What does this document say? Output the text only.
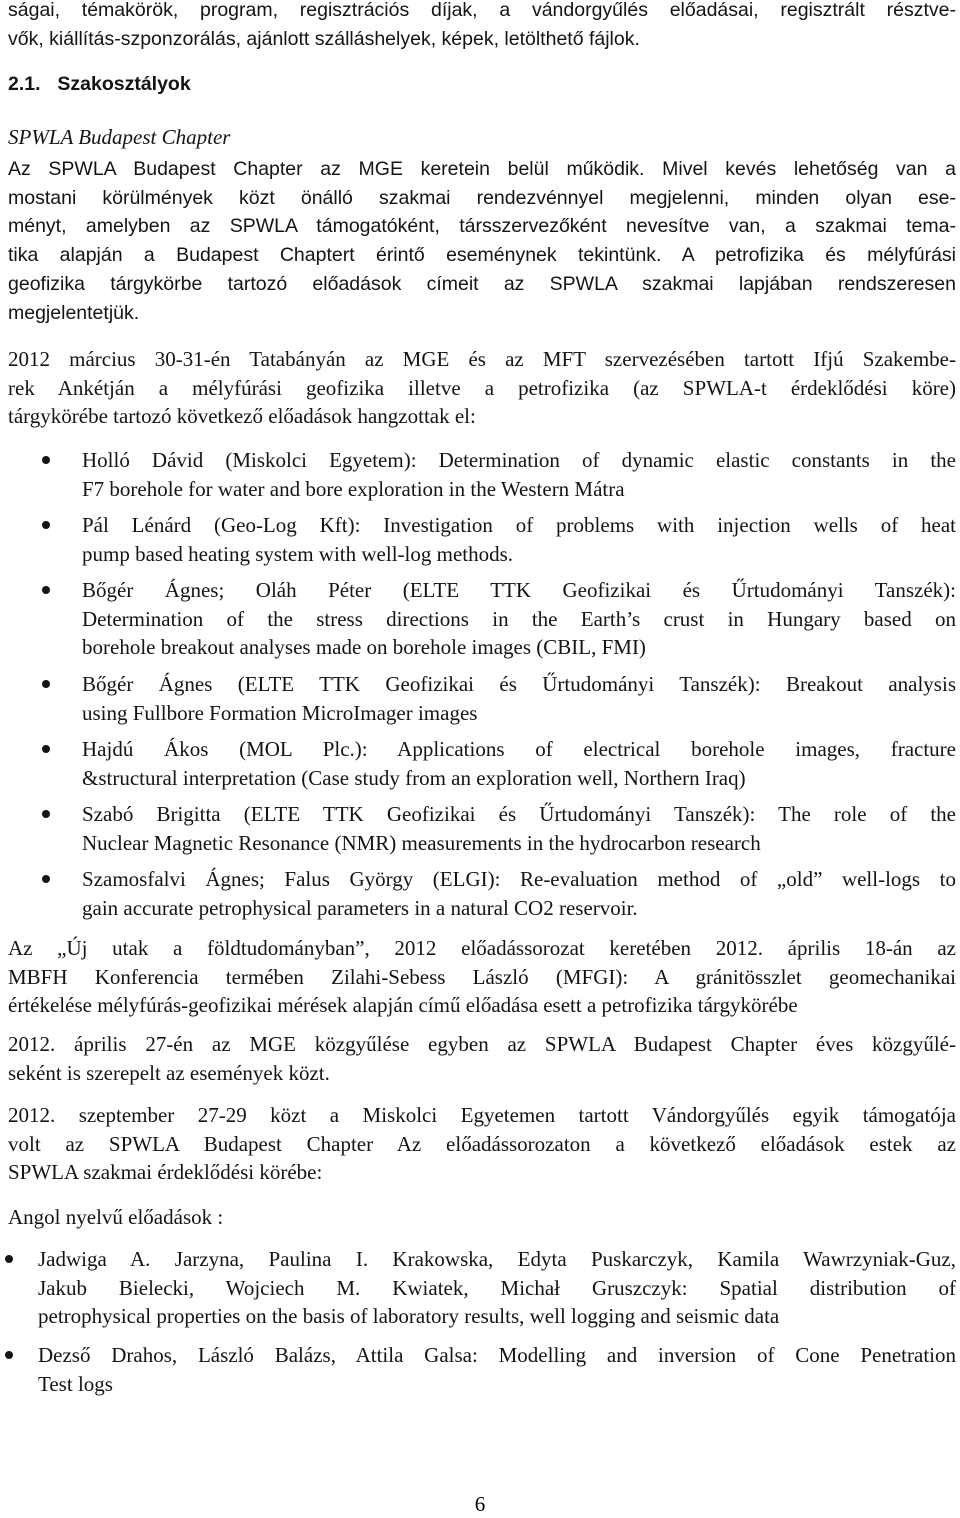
ságai, témakörök, program, regisztrációs díjak, a vándorgyűlés előadásai, regisztrált résztve-
vők, kiállítás-szponzorálás, ajánlott szálláshelyek, képek, letölthető fájlok.
2.1. Szakosztályok
SPWLA Budapest Chapter
Az SPWLA Budapest Chapter az MGE keretein belül működik. Mivel kevés lehetőség van a
mostani körülmények közt önálló szakmai rendezvénnyel megjelenni, minden olyan ese-
ményt, amelyben az SPWLA támogatóként, társszervezőként nevesítve van, a szakmai tema-
tika alapján a Budapest Chaptert érintő eseménynek tekintünk. A petrofizika és mélyfúrási
geofizika tárgykörbe tartozó előadások címeit az SPWLA szakmai lapjában rendszeresen
megjelentetjük.
2012 március 30-31-én Tatabányán az MGE és az MFT szervezésében tartott Ifjú Szakembe-
rek Ankétján a mélyfúrási geofizika illetve a petrofizika (az SPWLA-t érdeklődési köre)
tárgykörébe tartozó következő előadások hangzottak el:
Holló Dávid (Miskolci Egyetem): Determination of dynamic elastic constants in the
F7 borehole for water and bore exploration in the Western Mátra
Pál Lénárd (Geo-Log Kft): Investigation of problems with injection wells of heat
pump based heating system with well-log methods.
Bőgér Ágnes; Oláh Péter (ELTE TTK Geofizikai és Űrtudományi Tanszék):
Determination of the stress directions in the Earth’s crust in Hungary based on
borehole breakout analyses made on borehole images (CBIL, FMI)
Bőgér Ágnes (ELTE TTK Geofizikai és Űrtudományi Tanszék): Breakout analysis
using Fullbore Formation MicroImager images
Hajdú Ákos (MOL Plc.): Applications of electrical borehole images, fracture
&structural interpretation (Case study from an exploration well, Northern Iraq)
Szabó Brigitta (ELTE TTK Geofizikai és Űrtudományi Tanszék): The role of the
Nuclear Magnetic Resonance (NMR) measurements in the hydrocarbon research
Szamosfalvi Ágnes; Falus György (ELGI): Re-evaluation method of „old” well-logs to
gain accurate petrophysical parameters in a natural CO2 reservoir.
Az „Új utak a földtudományban”, 2012 előadássorozat keretében 2012. április 18-án az
MBFH Konferencia termében Zilahi-Sebess László (MFGI): A gránitösszlet geomechanikai
értékelése mélyfúrás-geofizikai mérések alapján című előadása esett a petrofizika tárgykörébe
2012. április 27-én az MGE közgyűlése egyben az SPWLA Budapest Chapter éves közgyűlé-
seként is szerepelt az események közt.
2012. szeptember 27-29 közt a Miskolci Egyetemen tartott Vándorgyűlés egyik támogatója
volt az SPWLA Budapest Chapter Az előadássorozaton a következő előadások estek az
SPWLA szakmai érdeklődési körébe:
Angol nyelvű előadások :
Jadwiga A. Jarzyna, Paulina I. Krakowska, Edyta Puskarczyk, Kamila Wawrzyniak-Guz,
Jakub Bielecki, Wojciech M. Kwiatek, Michał Gruszczyk: Spatial distribution of
petrophysical properties on the basis of laboratory results, well logging and seismic data
Dezső Drahos, László Balázs, Attila Galsa: Modelling and inversion of Cone Penetration
Test logs
6
